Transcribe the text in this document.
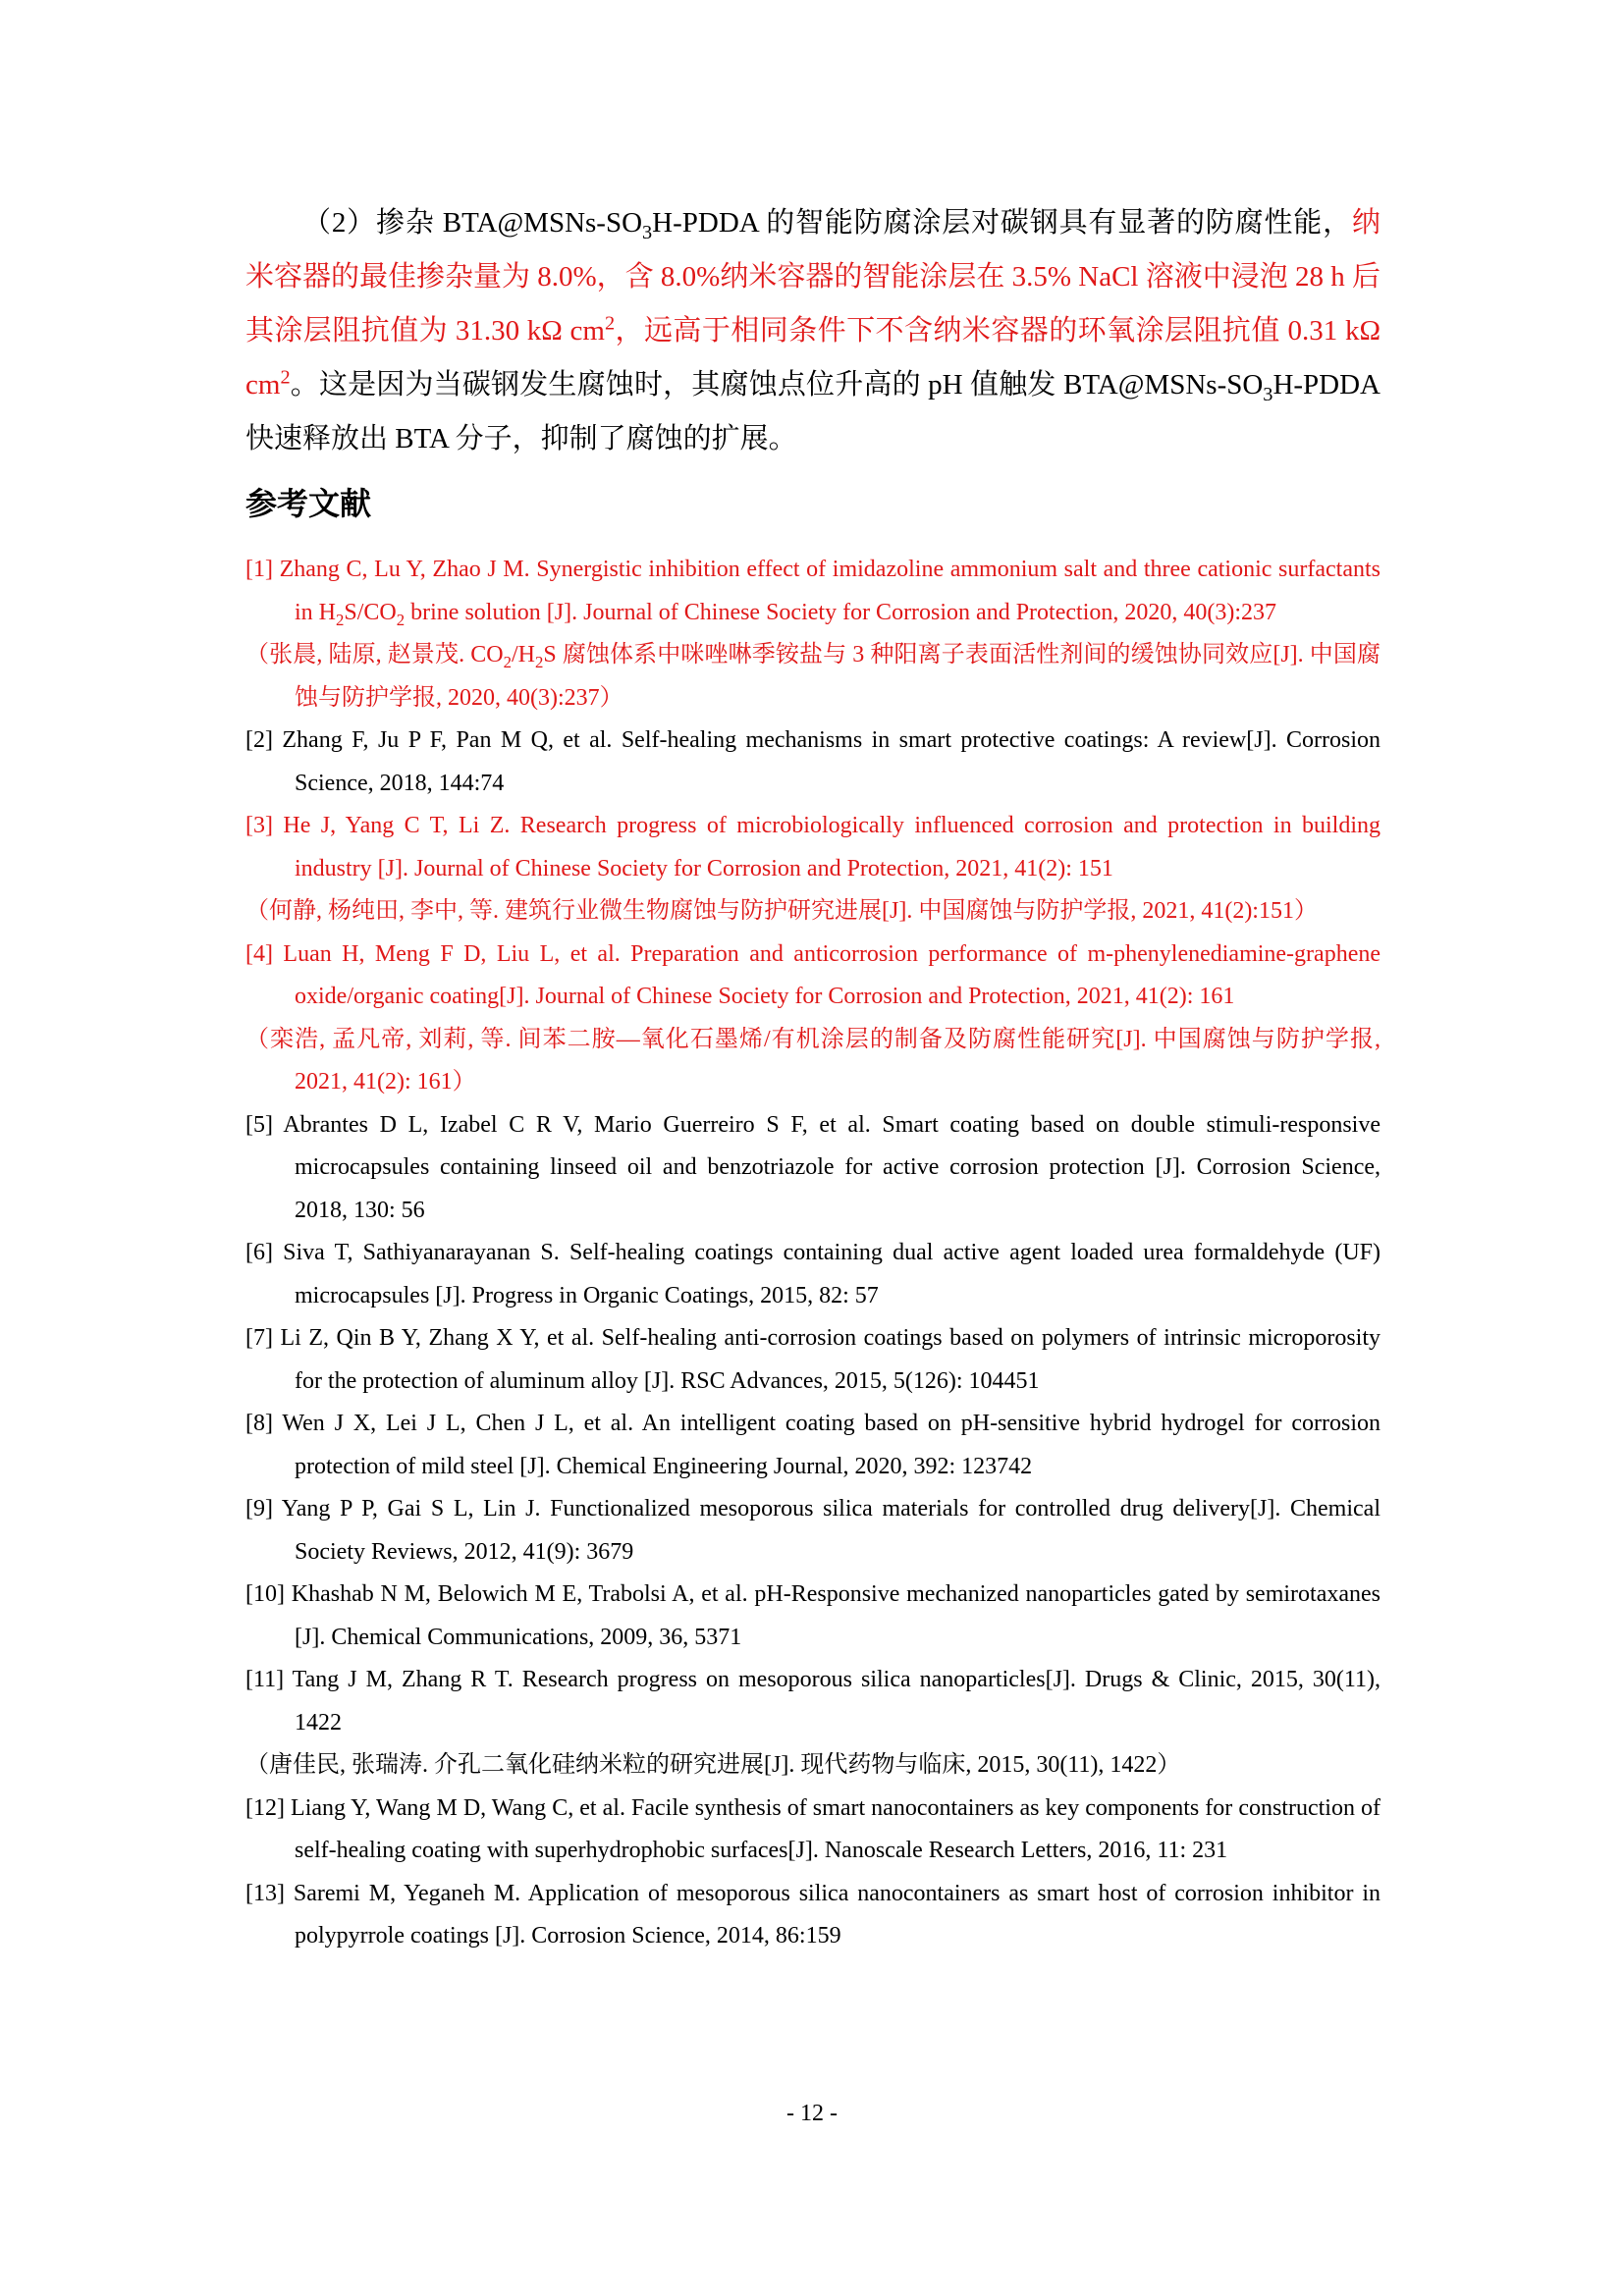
（2）掺杂 $BTA@MSNs-SO_3H$-PDDA 的智能防腐涂层对碳钢具有显著的防腐性能，纳米容器的最佳掺杂量为 8.0%，含 8.0%纳米容器的智能涂层在 3.5% NaCl 溶液中浸泡 28 h 后其涂层阻抗值为 31.30 kΩ $cm^2$，远高于相同条件下不含纳米容器的环氧涂层阻抗值 0.31 kΩ $cm^2$。这是因为当碳钢发生腐蚀时，其腐蚀点位升高的 pH 值触发 $BTA@MSNs-SO_3H$-PDDA 快速释放出 BTA 分子，抑制了腐蚀的扩展。

参考文献

[1] Zhang C, Lu Y, Zhao J M. Synergistic inhibition effect of imidazoline ammonium salt and three cationic surfactants in $H_2S/CO_2$ brine solution [J]. Journal of Chinese Society for Corrosion and Protection, 2020, 40(3):237

（张晨, 陆原, 赵景茂. $CO_2/H_2S$ 腐蚀体系中咪唑啉季铵盐与 3 种阳离子表面活性剂间的缓蚀协同效应[J]. 中国腐蚀与防护学报, 2020, 40(3):237）

[2] Zhang F, Ju P F, Pan M Q, et al. Self-healing mechanisms in smart protective coatings: A review[J]. Corrosion Science, 2018, 144:74

[3] He J, Yang C T, Li Z. Research progress of microbiologically influenced corrosion and protection in building industry [J]. Journal of Chinese Society for Corrosion and Protection, 2021, 41(2): 151

（何静, 杨纯田, 李中, 等. 建筑行业微生物腐蚀与防护研究进展[J]. 中国腐蚀与防护学报, 2021, 41(2):151）

[4] Luan H, Meng F D, Liu L, et al. Preparation and anticorrosion performance of m-phenylenediamine-graphene oxide/organic coating[J]. Journal of Chinese Society for Corrosion and Protection, 2021, 41(2): 161

（栾浩, 孟凡帝, 刘莉, 等. 间苯二胺—氧化石墨烯/有机涂层的制备及防腐性能研究[J]. 中国腐蚀与防护学报, 2021, 41(2): 161）

[5] Abrantes D L, Izabel C R V, Mario Guerreiro S F, et al. Smart coating based on double stimuli-responsive microcapsules containing linseed oil and benzotriazole for active corrosion protection [J]. Corrosion Science, 2018, 130: 56

[6] Siva T, Sathiyanarayanan S. Self-healing coatings containing dual active agent loaded urea formaldehyde (UF) microcapsules [J]. Progress in Organic Coatings, 2015, 82: 57

[7] Li Z, Qin B Y, Zhang X Y, et al. Self-healing anti-corrosion coatings based on polymers of intrinsic microporosity for the protection of aluminum alloy [J]. RSC Advances, 2015, 5(126): 104451

[8] Wen J X, Lei J L, Chen J L, et al. An intelligent coating based on pH-sensitive hybrid hydrogel for corrosion protection of mild steel [J]. Chemical Engineering Journal, 2020, 392: 123742

[9] Yang P P, Gai S L, Lin J. Functionalized mesoporous silica materials for controlled drug delivery[J]. Chemical Society Reviews, 2012, 41(9): 3679

[10] Khashab N M, Belowich M E, Trabolsi A, et al. pH-Responsive mechanized nanoparticles gated by semirotaxanes [J]. Chemical Communications, 2009, 36, 5371

[11] Tang J M, Zhang R T. Research progress on mesoporous silica nanoparticles[J]. Drugs & Clinic, 2015, 30(11), 1422

（唐佳民, 张瑞涛. 介孔二氧化硅纳米粒的研究进展[J]. 现代药物与临床, 2015, 30(11), 1422）

[12] Liang Y, Wang M D, Wang C, et al. Facile synthesis of smart nanocontainers as key components for construction of self-healing coating with superhydrophobic surfaces[J]. Nanoscale Research Letters, 2016, 11: 231

[13] Saremi M, Yeganeh M. Application of mesoporous silica nanocontainers as smart host of corrosion inhibitor in polypyrrole coatings [J]. Corrosion Science, 2014, 86:159

- 12 -
